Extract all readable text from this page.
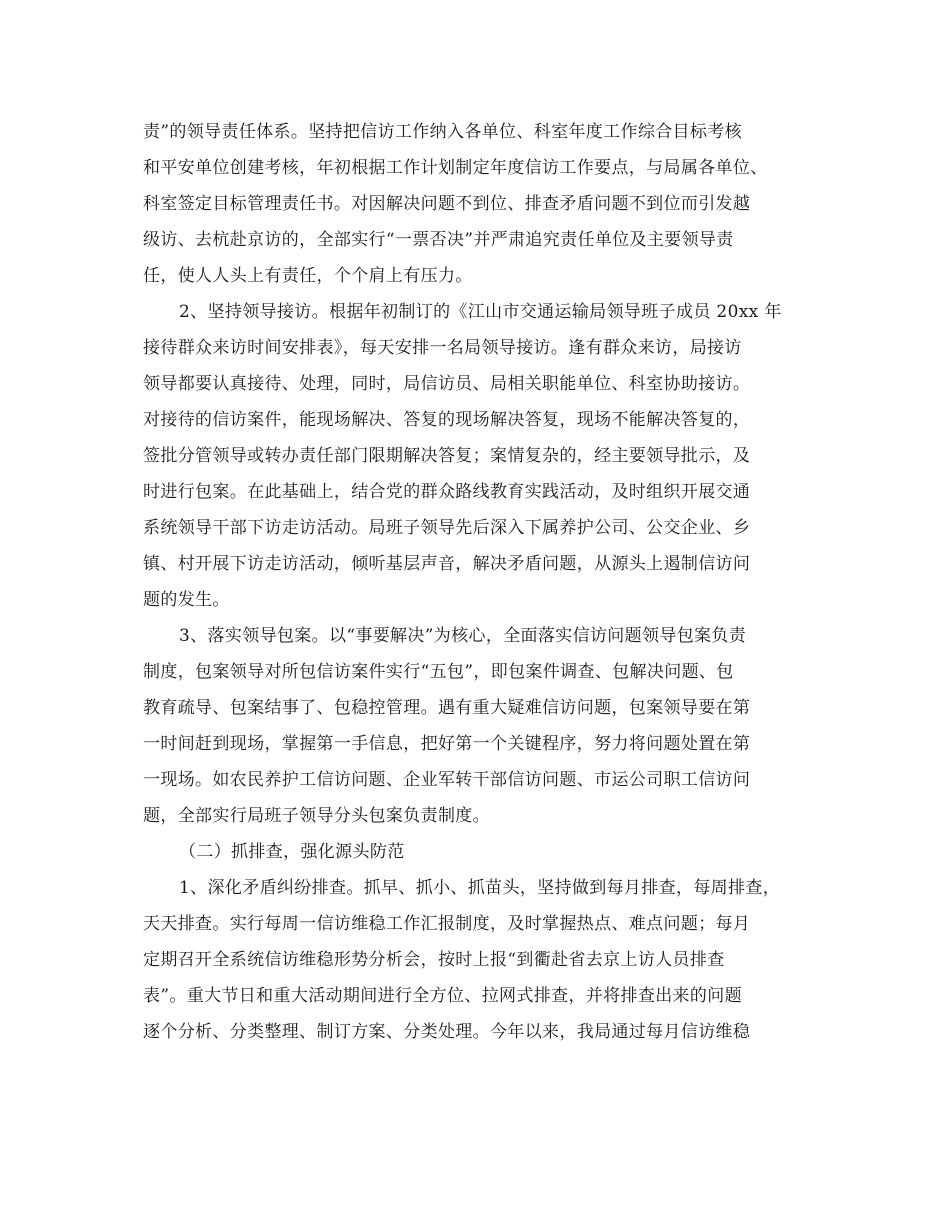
责”的领导责任体系。坚持把信访工作纳入各单位、科室年度工作综合目标考核
和平安单位创建考核，年初根据工作计划制定年度信访工作要点，与局属各单位、
科室签定目标管理责任书。对因解决问题不到位、排查矛盾问题不到位而引发越
级访、去杭赴京访的，全部实行“一票否决”并严肃追究责任单位及主要领导责
任，使人人头上有责任，个个肩上有压力。
2、坚持领导接访。根据年初制订的《江山市交通运输局领导班子成员 20xx 年
接待群众来访时间安排表》，每天安排一名局领导接访。逢有群众来访，局接访
领导都要认真接待、处理，同时，局信访员、局相关职能单位、科室协助接访。
对接待的信访案件，能现场解决、答复的现场解决答复，现场不能解决答复的，
签批分管领导或转办责任部门限期解决答复；案情复杂的，经主要领导批示，及
时进行包案。在此基础上，结合党的群众路线教育实践活动，及时组织开展交通
系统领导干部下访走访活动。局班子领导先后深入下属养护公司、公交企业、乡
镇、村开展下访走访活动，倾听基层声音，解决矛盾问题，从源头上遏制信访问
题的发生。
3、落实领导包案。以“事要解决”为核心，全面落实信访问题领导包案负责
制度，包案领导对所包信访案件实行“五包”，即包案件调查、包解决问题、包
教育疏导、包案结事了、包稳控管理。遇有重大疑难信访问题，包案领导要在第
一时间赶到现场，掌握第一手信息，把好第一个关键程序，努力将问题处置在第
一现场。如农民养护工信访问题、企业军转干部信访问题、市运公司职工信访问
题，全部实行局班子领导分头包案负责制度。
（二）抓排查，强化源头防范
1、深化矛盾纠纷排查。抓早、抓小、抓苗头，坚持做到每月排查，每周排查，
天天排查。实行每周一信访维稳工作汇报制度，及时掌握热点、难点问题；每月
定期召开全系统信访维稳形势分析会，按时上报“到衢赴省去京上访人员排查
表”。重大节日和重大活动期间进行全方位、拉网式排查，并将排查出来的问题
逐个分析、分类整理、制订方案、分类处理。今年以来，我局通过每月信访维稳
